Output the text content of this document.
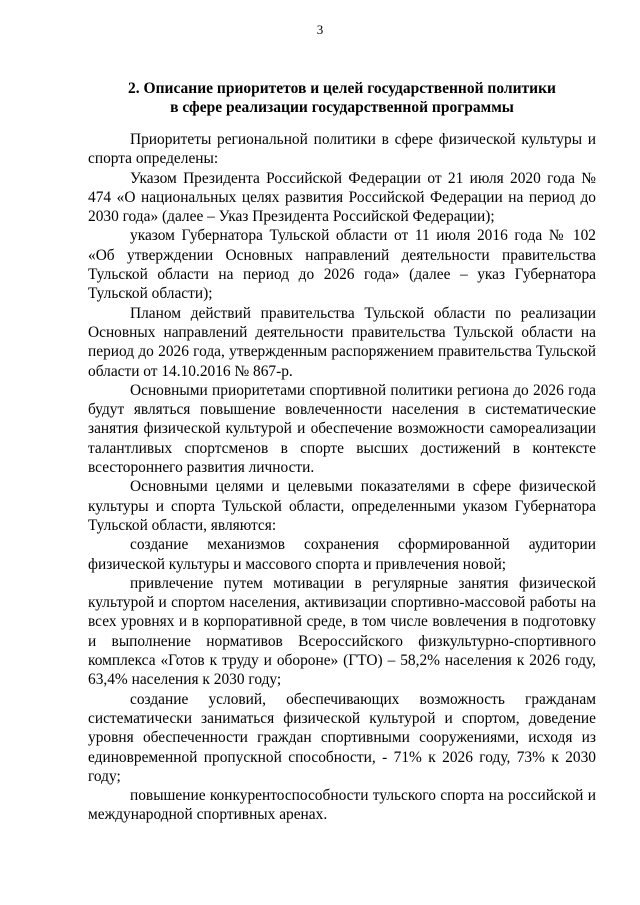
3
2. Описание приоритетов и целей государственной политики
в сфере реализации государственной программы

Приоритеты региональной политики в сфере физической культуры и спорта определены:

Указом Президента Российской Федерации от 21 июля 2020 года № 474 «О национальных целях развития Российской Федерации на период до 2030 года» (далее – Указ Президента Российской Федерации);

указом Губернатора Тульской области от 11 июля 2016 года № 102 «Об утверждении Основных направлений деятельности правительства Тульской области на период до 2026 года» (далее – указ Губернатора Тульской области);

Планом действий правительства Тульской области по реализации Основных направлений деятельности правительства Тульской области на период до 2026 года, утвержденным распоряжением правительства Тульской области от 14.10.2016 № 867-р.

Основными приоритетами спортивной политики региона до 2026 года будут являться повышение вовлеченности населения в систематические занятия физической культурой и обеспечение возможности самореализации талантливых спортсменов в спорте высших достижений в контексте всестороннего развития личности.

Основными целями и целевыми показателями в сфере физической культуры и спорта Тульской области, определенными указом Губернатора Тульской области, являются:

создание механизмов сохранения сформированной аудитории физической культуры и массового спорта и привлечения новой;

привлечение путем мотивации в регулярные занятия физической культурой и спортом населения, активизации спортивно-массовой работы на всех уровнях и в корпоративной среде, в том числе вовлечения в подготовку и выполнение нормативов Всероссийского физкультурно-спортивного комплекса «Готов к труду и обороне» (ГТО) – 58,2% населения к 2026 году, 63,4% населения к 2030 году;

создание условий, обеспечивающих возможность гражданам систематически заниматься физической культурой и спортом, доведение уровня обеспеченности граждан спортивными сооружениями, исходя из единовременной пропускной способности, - 71% к 2026 году, 73% к 2030 году;

повышение конкурентоспособности тульского спорта на российской и международной спортивных аренах.
